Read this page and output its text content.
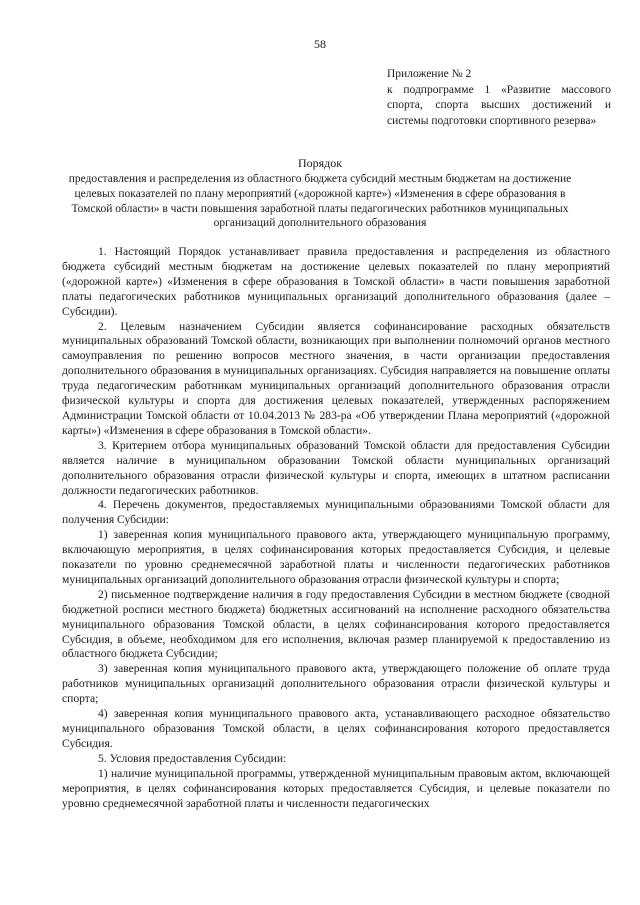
58

Приложение № 2

к подпрограмме 1 «Развитие массового спорта, спорта высших достижений и системы подготовки спортивного резерва»

Порядок
предоставления и распределения из областного бюджета субсидий местным бюджетам на достижение целевых показателей по плану мероприятий («дорожной карте») «Изменения в сфере образования в Томской области» в части повышения заработной платы педагогических работников муниципальных организаций дополнительного образования

1. Настоящий Порядок устанавливает правила предоставления и распределения из областного бюджета субсидий местным бюджетам на достижение целевых показателей по плану мероприятий («дорожной карте») «Изменения в сфере образования в Томской области» в части повышения заработной платы педагогических работников муниципальных организаций дополнительного образования (далее – Субсидии).

2. Целевым назначением Субсидии является софинансирование расходных обязательств муниципальных образований Томской области, возникающих при выполнении полномочий органов местного самоуправления по решению вопросов местного значения, в части организации предоставления дополнительного образования в муниципальных организациях. Субсидия направляется на повышение оплаты труда педагогическим работникам муниципальных организаций дополнительного образования отрасли физической культуры и спорта для достижения целевых показателей, утвержденных распоряжением Администрации Томской области от 10.04.2013 № 283-ра «Об утверждении Плана мероприятий («дорожной карты») «Изменения в сфере образования в Томской области».

3. Критерием отбора муниципальных образований Томской области для предоставления Субсидии является наличие в муниципальном образовании Томской области муниципальных организаций дополнительного образования отрасли физической культуры и спорта, имеющих в штатном расписании должности педагогических работников.

4. Перечень документов, предоставляемых муниципальными образованиями Томской области для получения Субсидии:

1) заверенная копия муниципального правового акта, утверждающего муниципальную программу, включающую мероприятия, в целях софинансирования которых предоставляется Субсидия, и целевые показатели по уровню среднемесячной заработной платы и численности педагогических работников муниципальных организаций дополнительного образования отрасли физической культуры и спорта;

2) письменное подтверждение наличия в году предоставления Субсидии в местном бюджете (сводной бюджетной росписи местного бюджета) бюджетных ассигнований на исполнение расходного обязательства муниципального образования Томской области, в целях софинансирования которого предоставляется Субсидия, в объеме, необходимом для его исполнения, включая размер планируемой к предоставлению из областного бюджета Субсидии;

3) заверенная копия муниципального правового акта, утверждающего положение об оплате труда работников муниципальных организаций дополнительного образования отрасли физической культуры и спорта;

4) заверенная копия муниципального правового акта, устанавливающего расходное обязательство муниципального образования Томской области, в целях софинансирования которого предоставляется Субсидия.

5. Условия предоставления Субсидии:

1) наличие муниципальной программы, утвержденной муниципальным правовым актом, включающей мероприятия, в целях софинансирования которых предоставляется Субсидия, и целевые показатели по уровню среднемесячной заработной платы и численности педагогических
